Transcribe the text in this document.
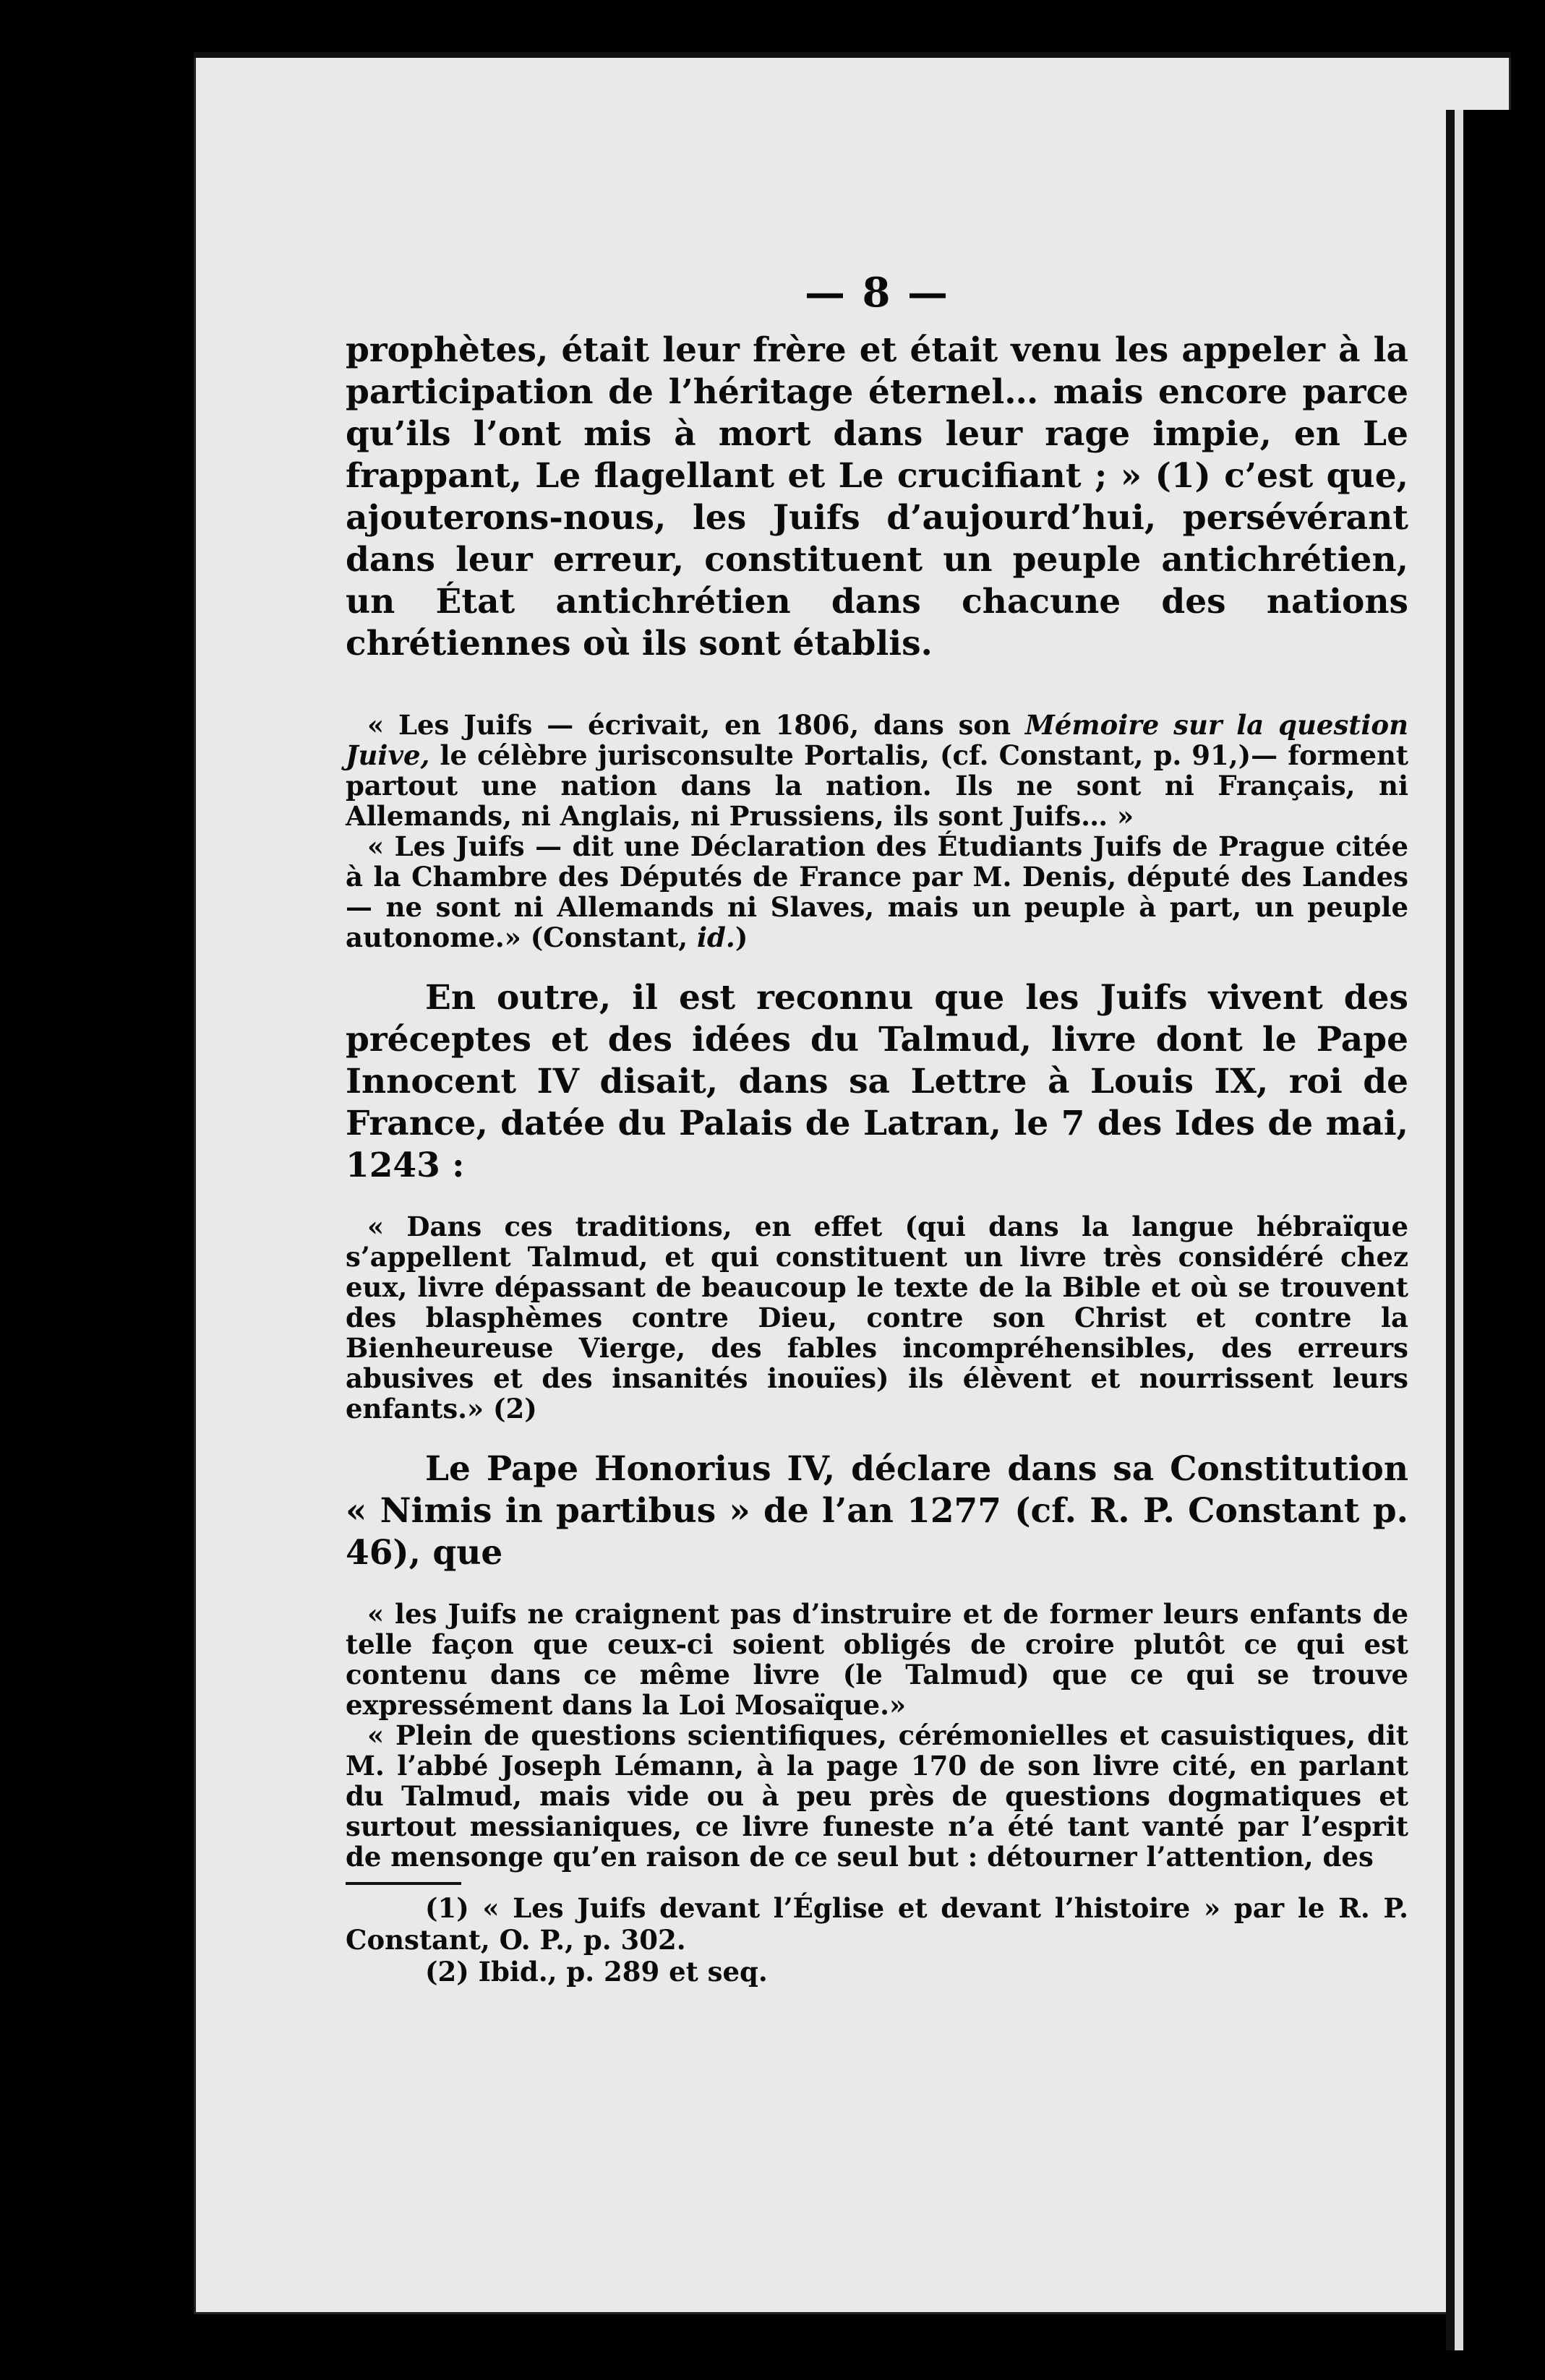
— 8 —

prophètes, était leur frère et était venu les appeler à la participation de l’héritage éternel… mais encore parce qu’ils l’ont mis à mort dans leur rage impie, en Le frappant, Le flagellant et Le crucifiant ; » (1) c’est que, ajouterons-nous, les Juifs d’aujourd’hui, persévérant dans leur erreur, constituent un peuple antichrétien, un État antichrétien dans chacune des nations chrétiennes où ils sont établis.

« Les Juifs — écrivait, en 1806, dans son Mémoire sur la question Juive, le célèbre jurisconsulte Portalis, (cf. Constant, p. 91,)— forment partout une nation dans la nation. Ils ne sont ni Français, ni Allemands, ni Anglais, ni Prussiens, ils sont Juifs… »

« Les Juifs — dit une Déclaration des Étudiants Juifs de Prague citée à la Chambre des Députés de France par M. Denis, député des Landes — ne sont ni Allemands ni Slaves, mais un peuple à part, un peuple autonome.» (Constant, id.)

En outre, il est reconnu que les Juifs vivent des préceptes et des idées du Talmud, livre dont le Pape Innocent IV disait, dans sa Lettre à Louis IX, roi de France, datée du Palais de Latran, le 7 des Ides de mai, 1243 :

« Dans ces traditions, en effet (qui dans la langue hébraïque s’appellent Talmud, et qui constituent un livre très considéré chez eux, livre dépassant de beaucoup le texte de la Bible et où se trouvent des blasphèmes contre Dieu, contre son Christ et contre la Bienheureuse Vierge, des fables incompréhensibles, des erreurs abusives et des insanités inouïes) ils élèvent et nourrissent leurs enfants.» (2)

Le Pape Honorius IV, déclare dans sa Constitution « Nimis in partibus » de l’an 1277 (cf. R. P. Constant p. 46), que

« les Juifs ne craignent pas d’instruire et de former leurs enfants de telle façon que ceux-ci soient obligés de croire plutôt ce qui est contenu dans ce même livre (le Talmud) que ce qui se trouve expressément dans la Loi Mosaïque.»

« Plein de questions scientifiques, cérémonielles et casuistiques, dit M. l’abbé Joseph Lémann, à la page 170 de son livre cité, en parlant du Talmud, mais vide ou à peu près de questions dogmatiques et surtout messianiques, ce livre funeste n’a été tant vanté par l’esprit de mensonge qu’en raison de ce seul but : détourner l’attention, des

(1) « Les Juifs devant l’Église et devant l’histoire » par le R. P. Constant, O. P., p. 302.

(2) Ibid., p. 289 et seq.
